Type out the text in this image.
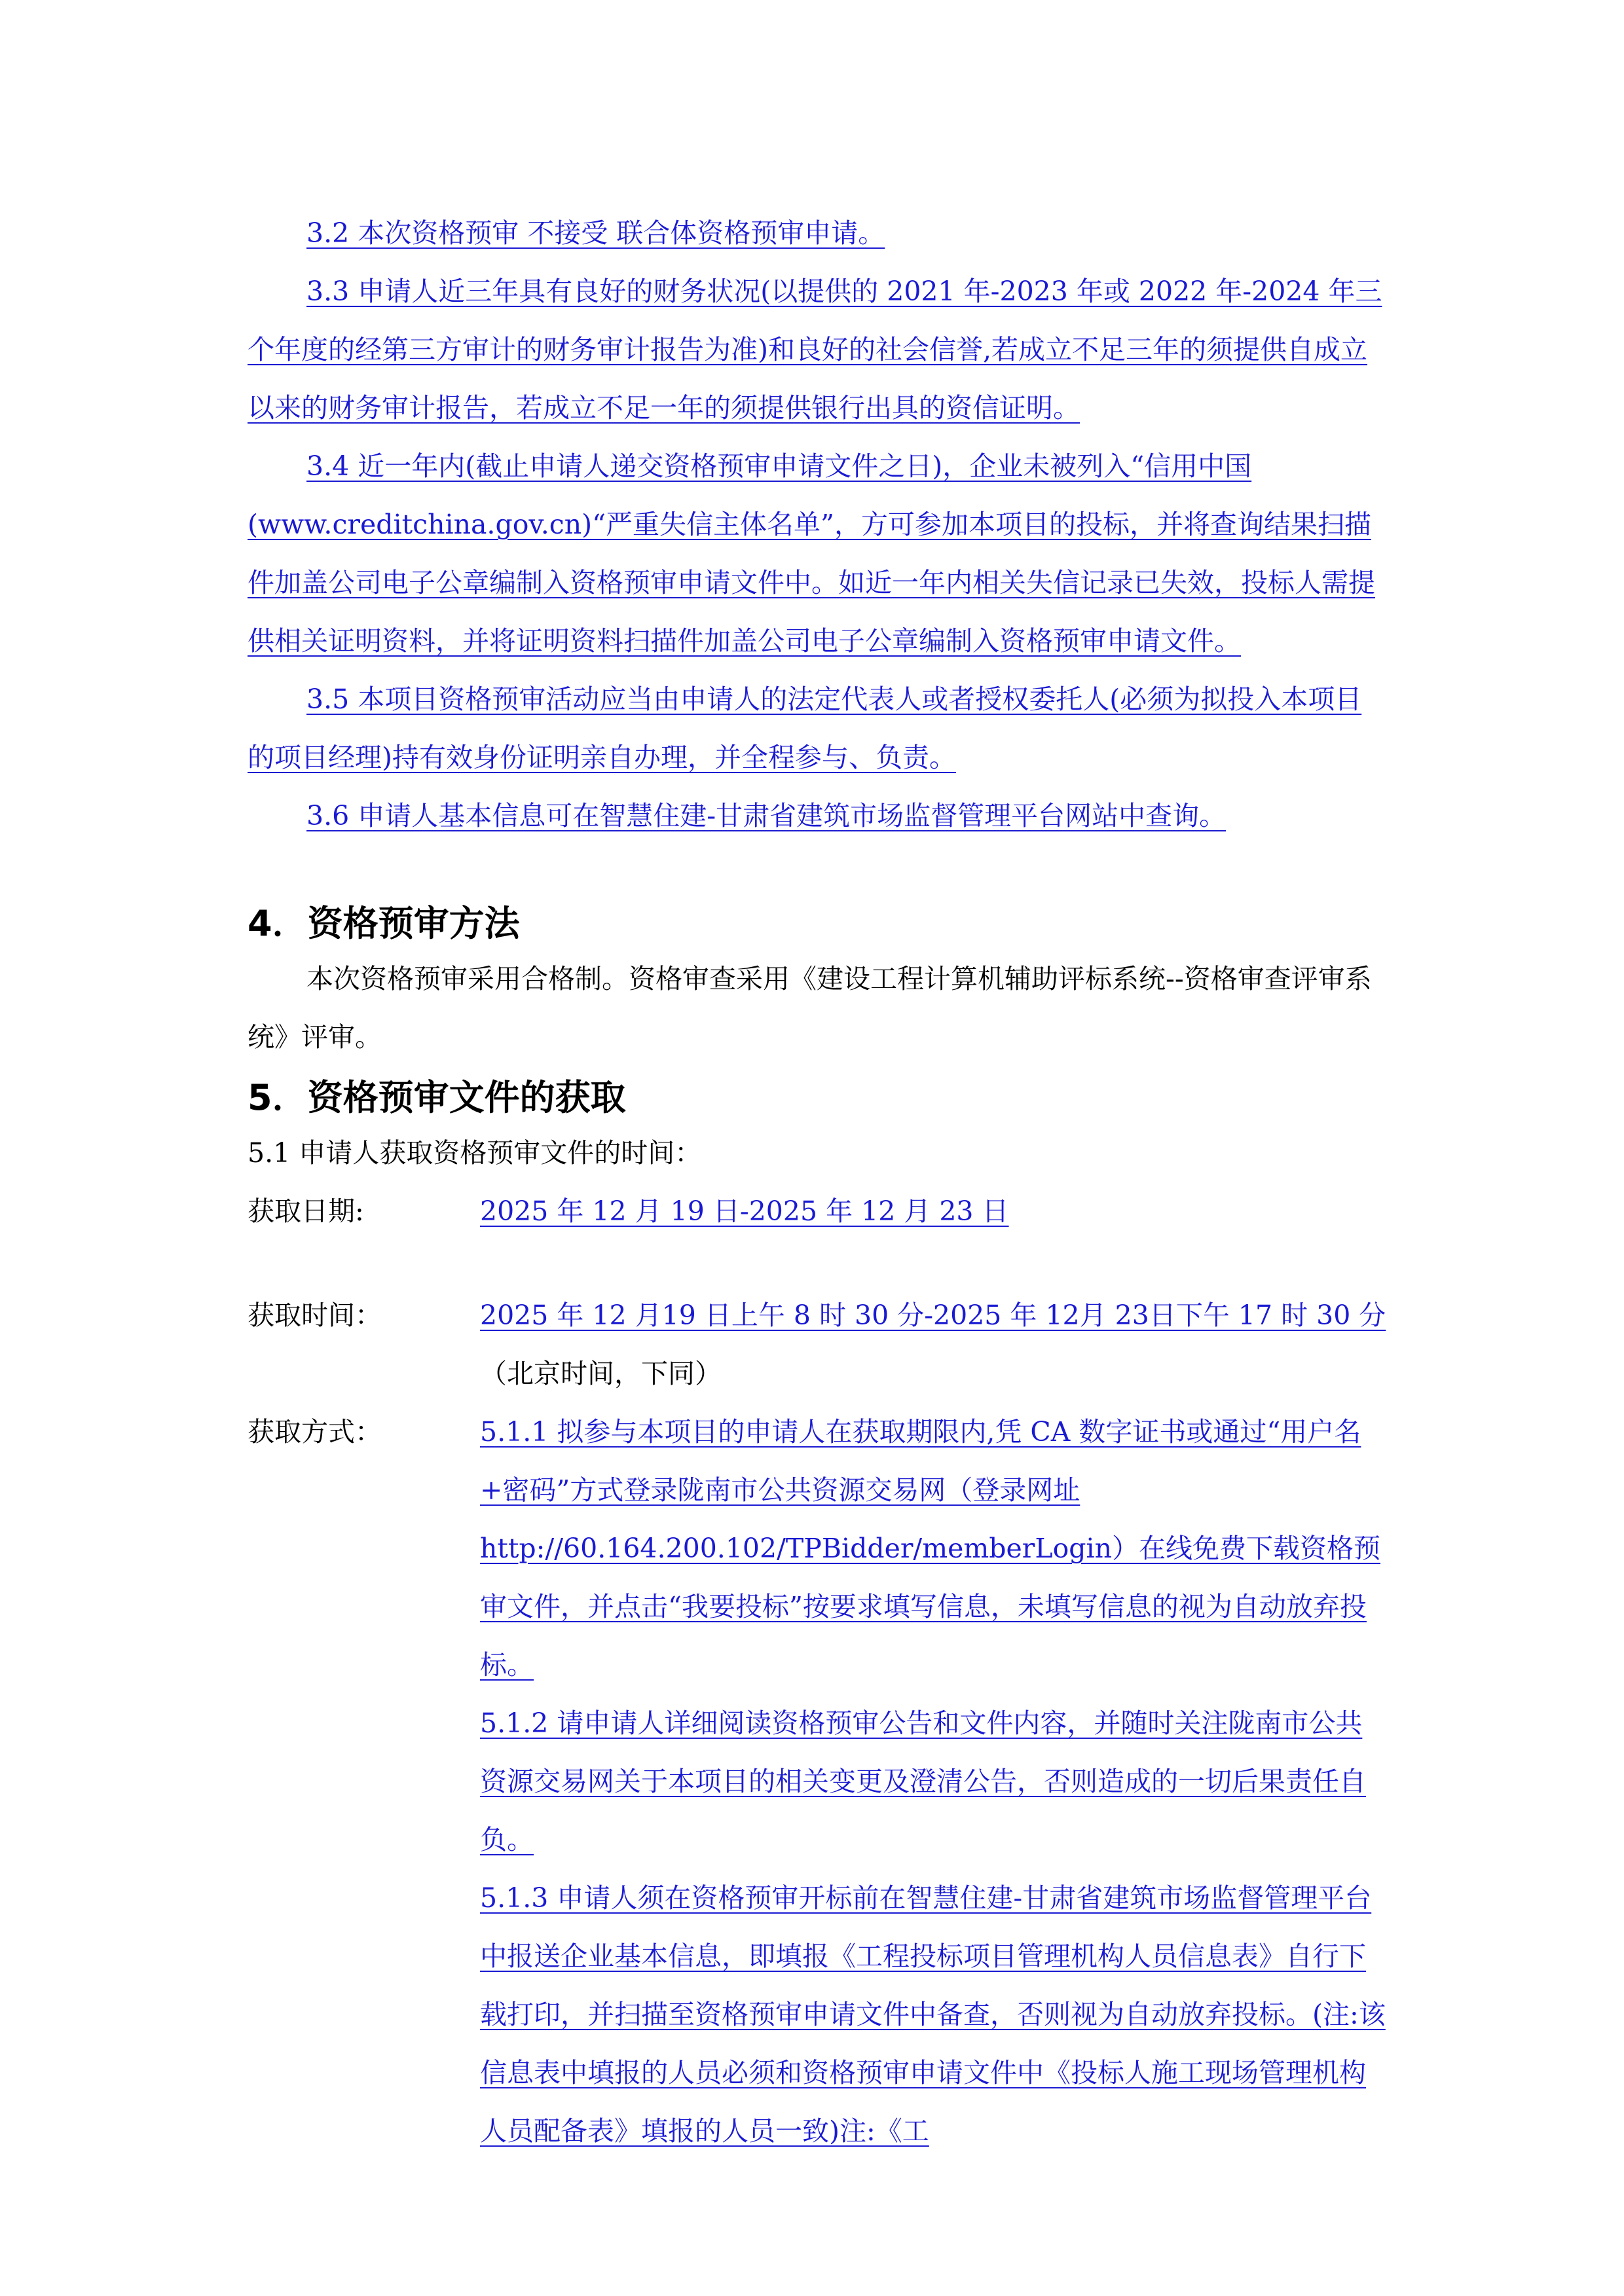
3.2 本次资格预审 不接受 联合体资格预审申请。

3.3 申请人近三年具有良好的财务状况(以提供的 2021 年-2023 年或 2022 年-2024 年三个年度的经第三方审计的财务审计报告为准)和良好的社会信誉,若成立不足三年的须提供自成立以来的财务审计报告，若成立不足一年的须提供银行出具的资信证明。

3.4 近一年内(截止申请人递交资格预审申请文件之日)，企业未被列入“信用中国(www.creditchina.gov.cn)“严重失信主体名单”，方可参加本项目的投标，并将查询结果扫描件加盖公司电子公章编制入资格预审申请文件中。如近一年内相关失信记录已失效，投标人需提供相关证明资料，并将证明资料扫描件加盖公司电子公章编制入资格预审申请文件。

3.5 本项目资格预审活动应当由申请人的法定代表人或者授权委托人(必须为拟投入本项目的项目经理)持有效身份证明亲自办理，并全程参与、负责。

3.6 申请人基本信息可在智慧住建-甘肃省建筑市场监督管理平台网站中查询。

4．资格预审方法

本次资格预审采用合格制。资格审查采用《建设工程计算机辅助评标系统--资格审查评审系统》评审。

5．资格预审文件的获取

5.1 申请人获取资格预审文件的时间：

获取日期:	2025 年 12 月 19 日-2025 年 12 月 23 日
获取时间：	2025 年 12 月19 日上午 8 时 30 分-2025 年 12月 23日下午 17 时 30 分 （北京时间，下同）
获取方式：	5.1.1 拟参与本项目的申请人在获取期限内,凭 CA 数字证书或通过“用户名+密码”方式登录陇南市公共资源交易网（登录网址 http://60.164.200.102/TPBidder/memberLogin）在线免费下载资格预审文件，并点击“我要投标”按要求填写信息，未填写信息的视为自动放弃投标。

5.1.2 请申请人详细阅读资格预审公告和文件内容，并随时关注陇南市公共资源交易网关于本项目的相关变更及澄清公告，否则造成的一切后果责任自负。

5.1.3 申请人须在资格预审开标前在智慧住建-甘肃省建筑市场监督管理平台中报送企业基本信息，即填报《工程投标项目管理机构人员信息表》自行下载打印，并扫描至资格预审申请文件中备查，否则视为自动放弃投标。(注:该信息表中填报的人员必须和资格预审申请文件中《投标人施工现场管理机构人员配备表》填报的人员一致)注:《工
